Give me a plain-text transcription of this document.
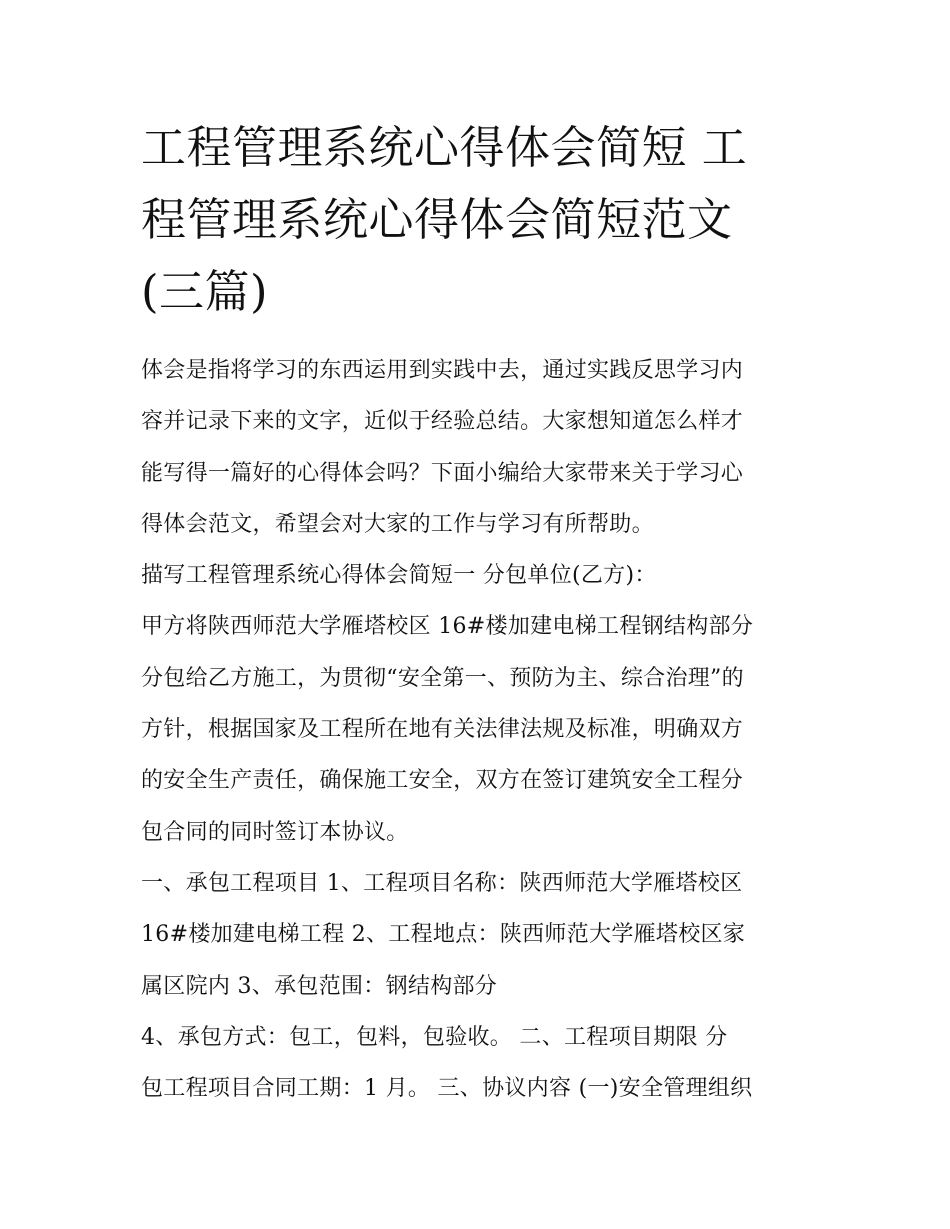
工程管理系统心得体会简短 工
程管理系统心得体会简短范文
(三篇)
体会是指将学习的东西运用到实践中去，通过实践反思学习内
容并记录下来的文字，近似于经验总结。大家想知道怎么样才
能写得一篇好的心得体会吗？下面小编给大家带来关于学习心
得体会范文，希望会对大家的工作与学习有所帮助。
描写工程管理系统心得体会简短一 分包单位(乙方)：
甲方将陕西师范大学雁塔校区 16#楼加建电梯工程钢结构部分
分包给乙方施工，为贯彻“安全第一、预防为主、综合治理”的
方针，根据国家及工程所在地有关法律法规及标准，明确双方
的安全生产责任，确保施工安全，双方在签订建筑安全工程分
包合同的同时签订本协议。
一、承包工程项目 1、工程项目名称：陕西师范大学雁塔校区
16#楼加建电梯工程 2、工程地点：陕西师范大学雁塔校区家
属区院内 3、承包范围：钢结构部分
4、承包方式：包工，包料，包验收。 二、工程项目期限 分
包工程项目合同工期：1 月。 三、协议内容 (一)安全管理组织
